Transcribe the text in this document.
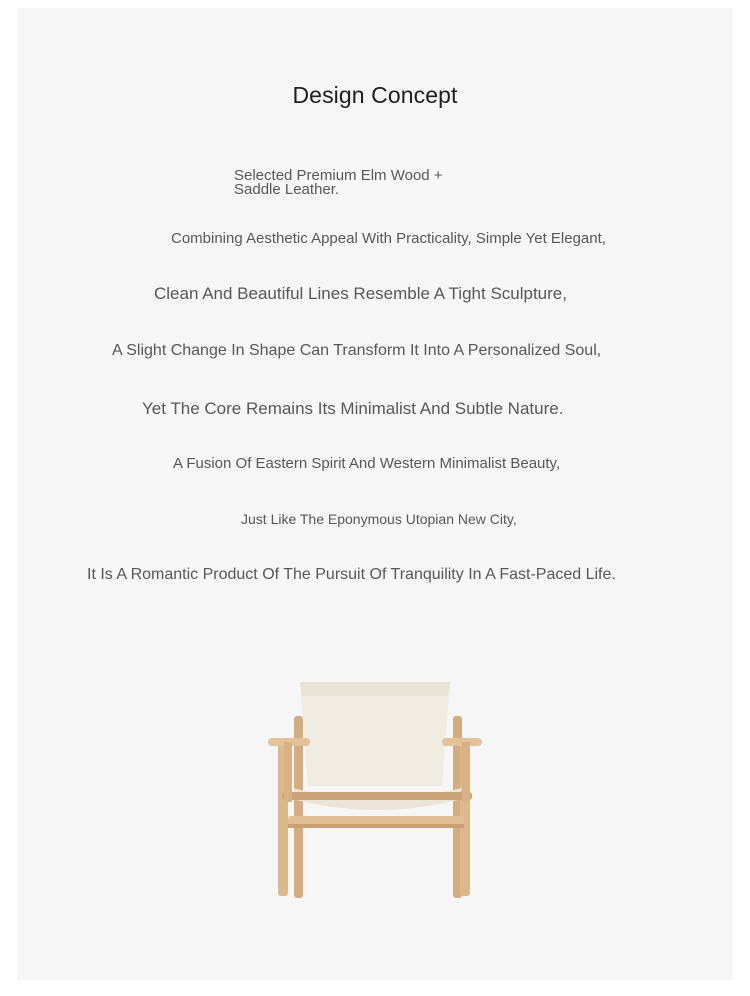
Design Concept
Selected Premium Elm Wood +
Saddle Leather.
Combining Aesthetic Appeal With Practicality, Simple Yet Elegant,
Clean And Beautiful Lines Resemble A Tight Sculpture,
A Slight Change In Shape Can Transform It Into A Personalized Soul,
Yet The Core Remains Its Minimalist And Subtle Nature.
A Fusion Of Eastern Spirit And Western Minimalist Beauty,
Just Like The Eponymous Utopian New City,
It Is A Romantic Product Of The Pursuit Of Tranquility In A Fast-Paced Life.
